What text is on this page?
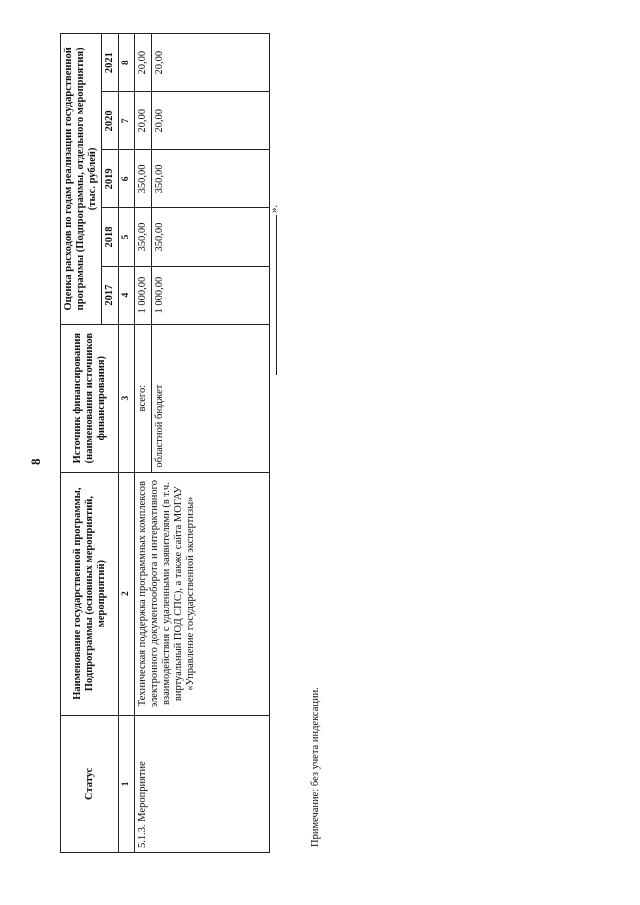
8
Статус	Наименование государственной программы, Подпрограммы (основных мероприятий, мероприятий)	Источник финансирования (наименования источников финансирования)	Оценка расходов по годам реализации государственной программы (Подпрограммы, отдельного мероприятия) (тыс. рублей)				
			2017	2018	2019	2020	2021
1	2	3	4	5	6	7	8
5.1.3. Мероприятие	Техническая поддержка программных комплексов электронного документооборота и интерактивного взаимодействия с удаленными заявителями (в т.ч. виртуальный ПОД СПС), а также сайта МОГАУ «Управление государственной экспертизы»	всего:	1 000,00	350,00	350,00	20,00	20,00
		областной бюджет	1 000,00	350,00	350,00	20,00	20,00
».
Примечание: без учета индексации.
